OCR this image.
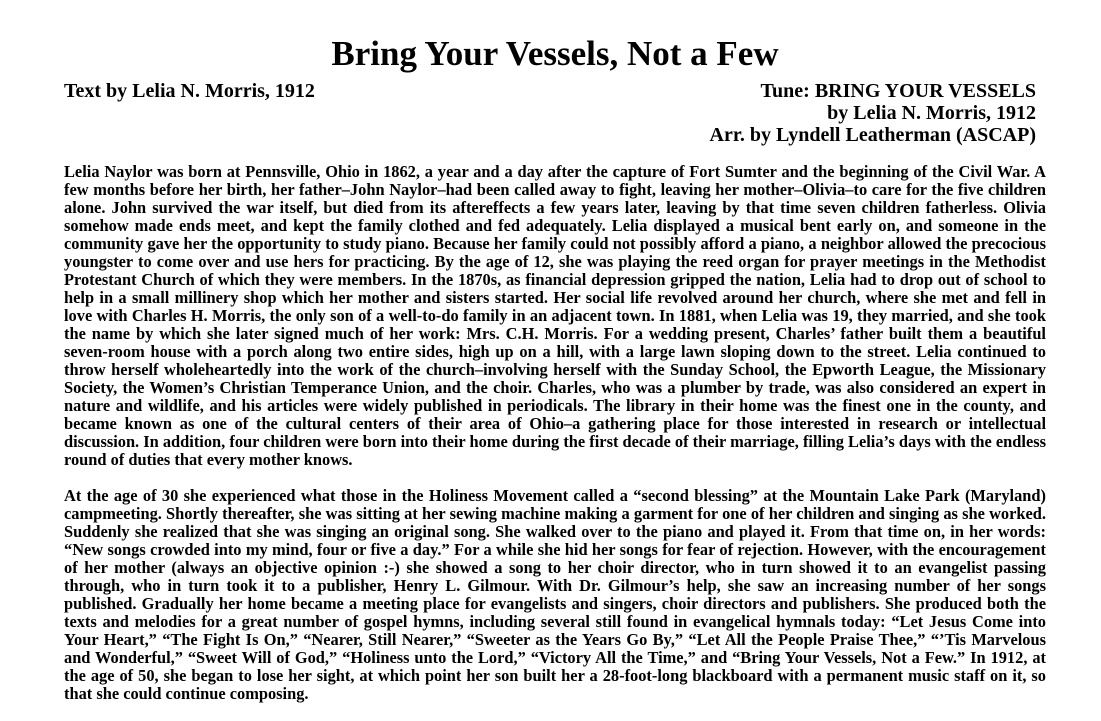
Bring Your Vessels, Not a Few
Text by Lelia N. Morris, 1912	Tune: BRING YOUR VESSELS
by Lelia N. Morris, 1912
Arr. by Lyndell Leatherman (ASCAP)

Lelia Naylor was born at Pennsville, Ohio in 1862, a year and a day after the capture of Fort Sumter and the beginning of the Civil War. A few months before her birth, her father–John Naylor–had been called away to fight, leaving her mother–Olivia–to care for the five children alone. John survived the war itself, but died from its aftereffects a few years later, leaving by that time seven children fatherless. Olivia somehow made ends meet, and kept the family clothed and fed adequately. Lelia displayed a musical bent early on, and someone in the community gave her the opportunity to study piano. Because her family could not possibly afford a piano, a neighbor allowed the precocious youngster to come over and use hers for practicing. By the age of 12, she was playing the reed organ for prayer meetings in the Methodist Protestant Church of which they were members. In the 1870s, as financial depression gripped the nation, Lelia had to drop out of school to help in a small millinery shop which her mother and sisters started. Her social life revolved around her church, where she met and fell in love with Charles H. Morris, the only son of a well-to-do family in an adjacent town. In 1881, when Lelia was 19, they married, and she took the name by which she later signed much of her work: Mrs. C.H. Morris. For a wedding present, Charles’ father built them a beautiful seven-room house with a porch along two entire sides, high up on a hill, with a large lawn sloping down to the street. Lelia continued to throw herself wholeheartedly into the work of the church–involving herself with the Sunday School, the Epworth League, the Missionary Society, the Women’s Christian Temperance Union, and the choir. Charles, who was a plumber by trade, was also considered an expert in nature and wildlife, and his articles were widely published in periodicals. The library in their home was the finest one in the county, and became known as one of the cultural centers of their area of Ohio–a gathering place for those interested in research or intellectual discussion. In addition, four children were born into their home during the first decade of their marriage, filling Lelia’s days with the endless round of duties that every mother knows.

At the age of 30 she experienced what those in the Holiness Movement called a “second blessing” at the Mountain Lake Park (Maryland) campmeeting. Shortly thereafter, she was sitting at her sewing machine making a garment for one of her children and singing as she worked. Suddenly she realized that she was singing an original song. She walked over to the piano and played it. From that time on, in her words: “New songs crowded into my mind, four or five a day.” For a while she hid her songs for fear of rejection. However, with the encouragement of her mother (always an objective opinion :-) she showed a song to her choir director, who in turn showed it to an evangelist passing through, who in turn took it to a publisher, Henry L. Gilmour. With Dr. Gilmour’s help, she saw an increasing number of her songs published. Gradually her home became a meeting place for evangelists and singers, choir directors and publishers. She produced both the texts and melodies for a great number of gospel hymns, including several still found in evangelical hymnals today: “Let Jesus Come into Your Heart,” “The Fight Is On,” “Nearer, Still Nearer,” “Sweeter as the Years Go By,” “Let All the People Praise Thee,” “’Tis Marvelous and Wonderful,” “Sweet Will of God,” “Holiness unto the Lord,” “Victory All the Time,” and “Bring Your Vessels, Not a Few.” In 1912, at the age of 50, she began to lose her sight, at which point her son built her a 28-foot-long blackboard with a permanent music staff on it, so that she could continue composing.
